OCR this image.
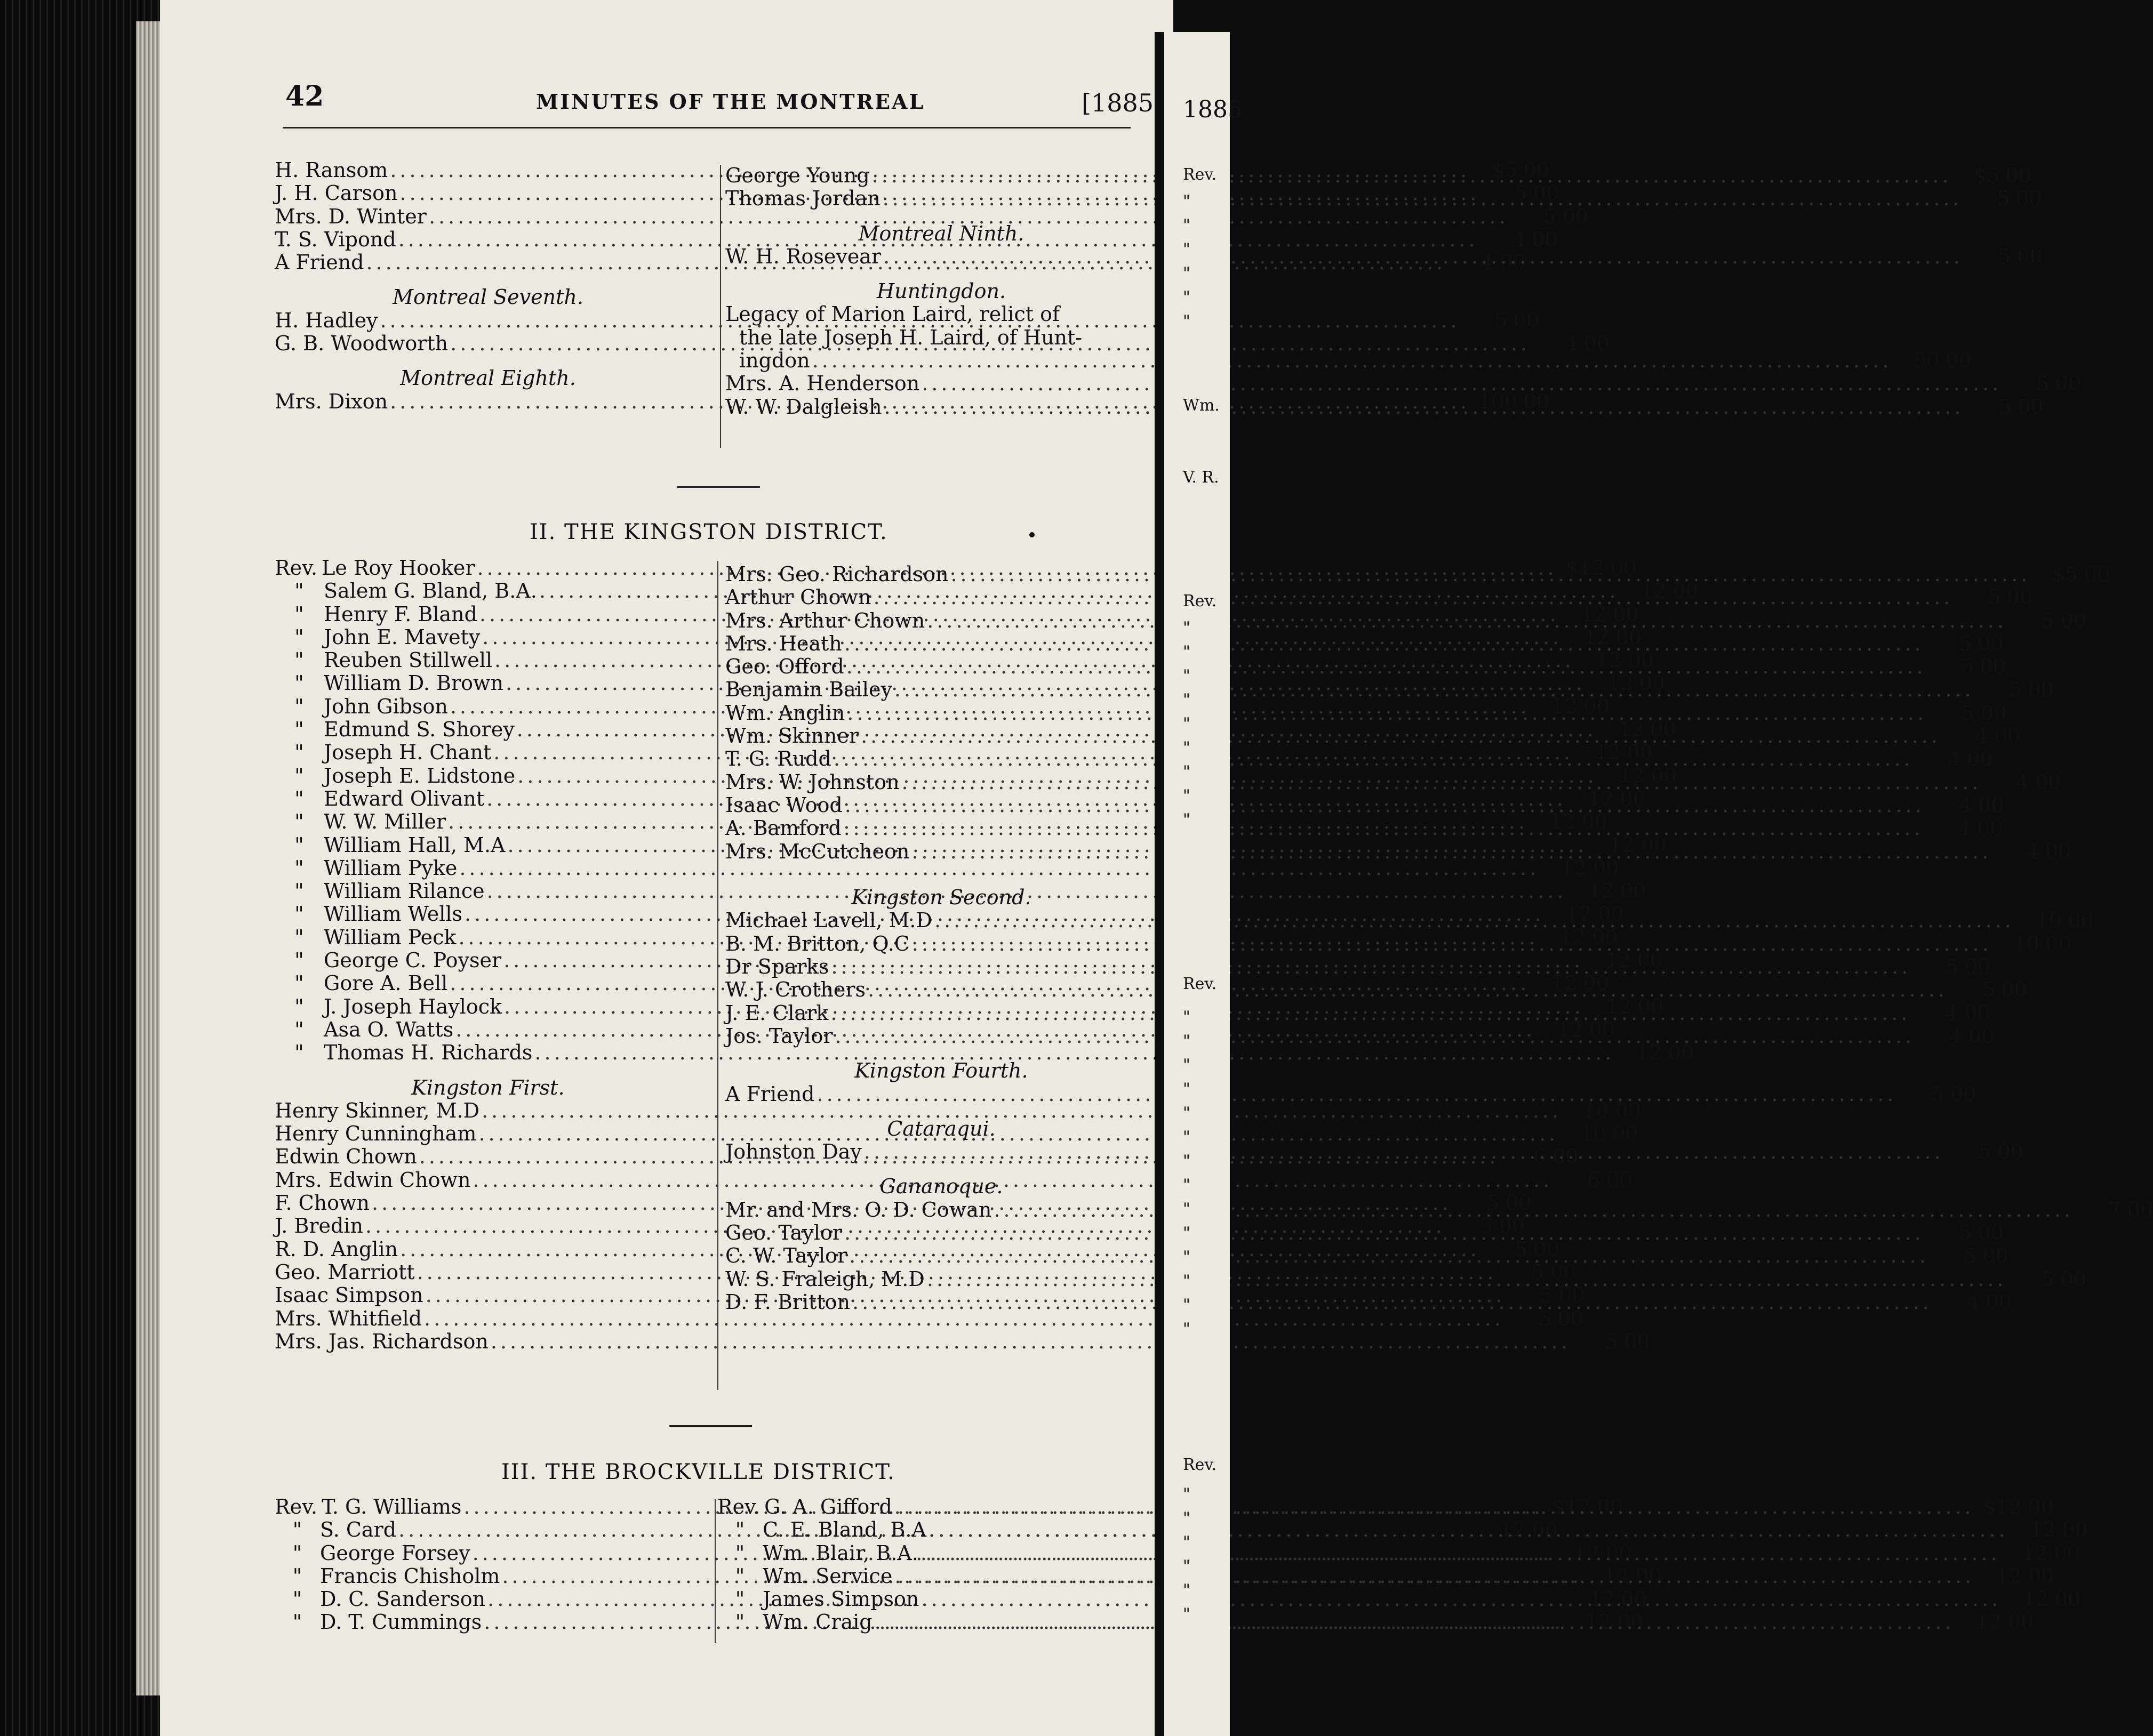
42	MINUTES OF THE MONTREAL	[1885
H. Ransom .....	$5 00
J. H. Carson .....	5 00
Mrs. D. Winter .....	5 00
T. S. Vipond .....	4 00
A Friend .....	4 00
Montreal Seventh.
H. Hadley .....	5 00
G. B. Woodworth .....	4 00
Montreal Eighth.
Mrs. Dixon .....	100 00
George Young .....	$5 00
Thomas Jordan .....	5 00
Montreal Ninth.
W. H. Rosevear .....	5 00
Huntingdon.
Legacy of Marion Laird, relict of
the late Joseph H. Laird, of Hunt-
ingdon .....	50 00
Mrs. A. Henderson .....	5 00
W. W. Dalgleish .....	5 00
II. THE KINGSTON DISTRICT.
Rev. Le Roy Hooker .....	$12 00
" Salem G. Bland, B.A. .....	12 00
" Henry F. Bland .....	12 00
" John E. Mavety .....	12 00
" Reuben Stillwell .....	12 00
" William D. Brown .....	12 00
" John Gibson .....	12 00
" Edmund S. Shorey .....	12 00
" Joseph H. Chant .....	12 00
" Joseph E. Lidstone .....	12 00
" Edward Olivant .....	12 00
" W. W. Miller .....	12 00
" William Hall, M.A .....	12 00
" William Pyke .....	12 00
" William Rilance .....	12 00
" William Wells .....	12 00
" William Peck .....	12 00
" George C. Poyser .....	12 00
" Gore A. Bell .....	12 00
" J. Joseph Haylock .....	12 00
" Asa O. Watts .....	12 00
" Thomas H. Richards .....	12 00
Kingston First.
Henry Skinner, M.D .....	10 00
Henry Cunningham .....	10 00
Edwin Chown .....	6 00
Mrs. Edwin Chown .....	6 00
F. Chown .....	5 00
J. Bredin .....	5 00
R. D. Anglin .....	5 00
Geo. Marriott .....	5 00
Isaac Simpson .....	5 00
Mrs. Whitfield .....	5 00
Mrs. Jas. Richardson .....	5 00
Mrs. Geo. Richardson .....	$5 00
Arthur Chown .....	5 00
Mrs. Arthur Chown .....	5 00
Mrs. Heath .....	5 00
Geo. Offord .....	5 00
Benjamin Bailey .....	5 00
Wm. Anglin .....	5 00
Wm. Skinner .....	4 00
T. G. Rudd .....	4 00
Mrs. W. Johnston .....	4 00
Isaac Wood .....	4 00
A. Bamford .....	4 00
Mrs. McCutcheon .....	4 00
Kingston Second.
Michael Lavell, M.D .....	10 00
B. M. Britton, Q.C .....	10 00
Dr Sparks .....	5 00
W. J. Crothers .....	5 00
J. E. Clark .....	4 00
Jos. Taylor .....	4 00
Kingston Fourth.
A Friend .....	5 00
Cataraqui.
Johnston Day .....	5 00
Gananoque.
Mr. and Mrs. O. D. Cowan .....	7 00
Geo. Taylor .....	5 00
C. W. Taylor .....	5 00
W. S. Fraleigh, M.D .....	5 00
D. F. Britton .....	4 00
III. THE BROCKVILLE DISTRICT.
Rev. T. G. Williams .....	$12 00
" S. Card .....	12 00
" George Forsey .....	12 00
" Francis Chisholm .....	12 00
" D. C. Sanderson .....	12 00
" D. T. Cummings .....	12 00
Rev. G. A. Gifford .....	$12 00
" C. E. Bland, B.A .....	12 00
" Wm. Blair, B.A. .....	12 00
" Wm. Service .....	12 00
" James Simpson .....	12 00
" Wm. Craig .....	12 00
1885
Rev.
"
"
"
"
"
"
Wm.
V. R.
Rev.
"
"
"
"
"
"
"
"
"
Rev.
"
"
"
"
"
"
"
"
"
"
"
"
"
"
Rev.
"
"
"
"
"
"
